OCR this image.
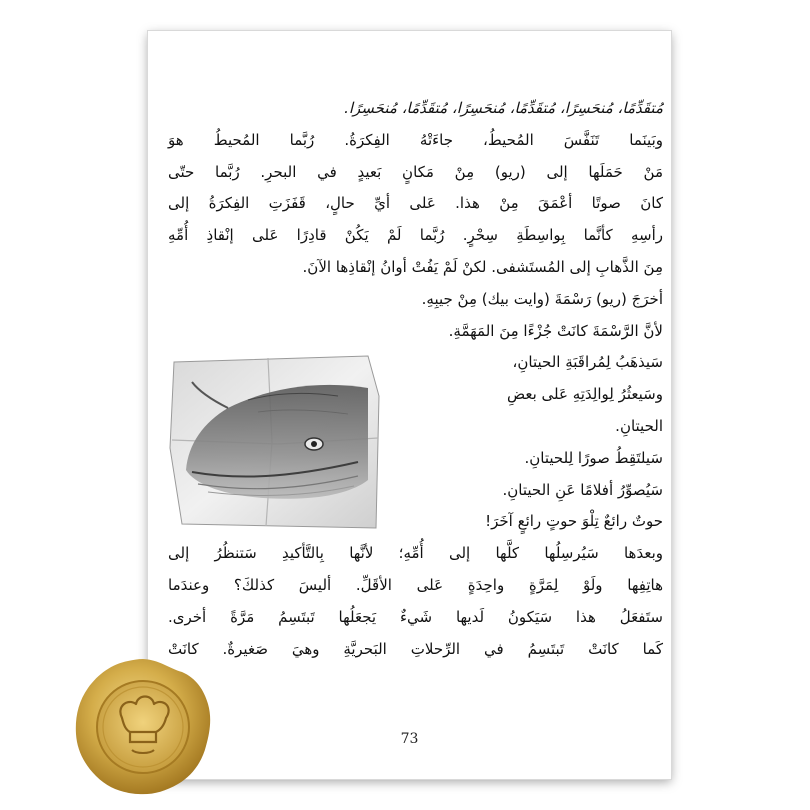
مُتقَدِّمًا، مُنحَسِرًا، مُتقَدِّمًا، مُنحَسِرًا، مُتقَدِّمًا، مُنحَسِرًا.
وبَينَما تَنَفَّسَ المُحيطُ، جاءَتْهُ الفِكرَةُ. رُبَّما المُحيطُ هوَ
مَنْ حَمَلَها إلى (ريو) مِنْ مَكانٍ بَعيدٍ في البحرِ. رُبَّما حتّى
كانَ صوتًا أعْمَقَ مِنْ هذا. عَلى أيِّ حالٍ، قَفَزَتِ الفِكرَةُ إلى
رأسِهِ كأنَّما بِواسِطَةِ سِحْرٍ. رُبَّما لَمْ يَكُنْ قادِرًا عَلى إنْقاذِ أُمِّهِ
مِنَ الذَّهابِ إلى المُستَشفى. لكنْ لَمْ يَفُتْ أوانُ إنْقاذِها الآنَ.
أخرَجَ (ريو) رَسْمَةَ (وايت بيك) مِنْ جيبِهِ.
لأنَّ الرَّسْمَةَ كانَتْ جُزْءًا مِنَ المَهَمَّةِ.
سَيذهَبُ لِمُراقَبَةِ الحيتانِ،
وسَيعثُرُ لِوالِدَتِهِ عَلى بعضِ
الحيتانِ.
سَيلتَقِطُ صورًا لِلحيتانِ.
سَيُصوِّرُ أفلامًا عَنِ الحيتانِ.
حوتٌ رائعٌ تِلْوَ حوتٍ رائعٍ آخَرَ!
وبعدَها سَيُرسِلُها كلَّها إلى أُمِّهِ؛ لأنَّها بِالتَّأكيدِ سَتنظُرُ إلى
هاتِفِها ولَوْ لِمَرَّةٍ واحِدَةٍ عَلى الأقَلِّ. أليسَ كذلكَ؟ وعندَما
ستَفعَلُ هذا سَيَكونُ لَديها شَيءٌ يَجعَلُها تَبتَسِمُ مَرَّةً أخرى.
كَما كانَتْ تَبتَسِمُ في الرِّحلاتِ البَحريَّةِ وهيَ صَغيرةٌ. كانَتْ
73
